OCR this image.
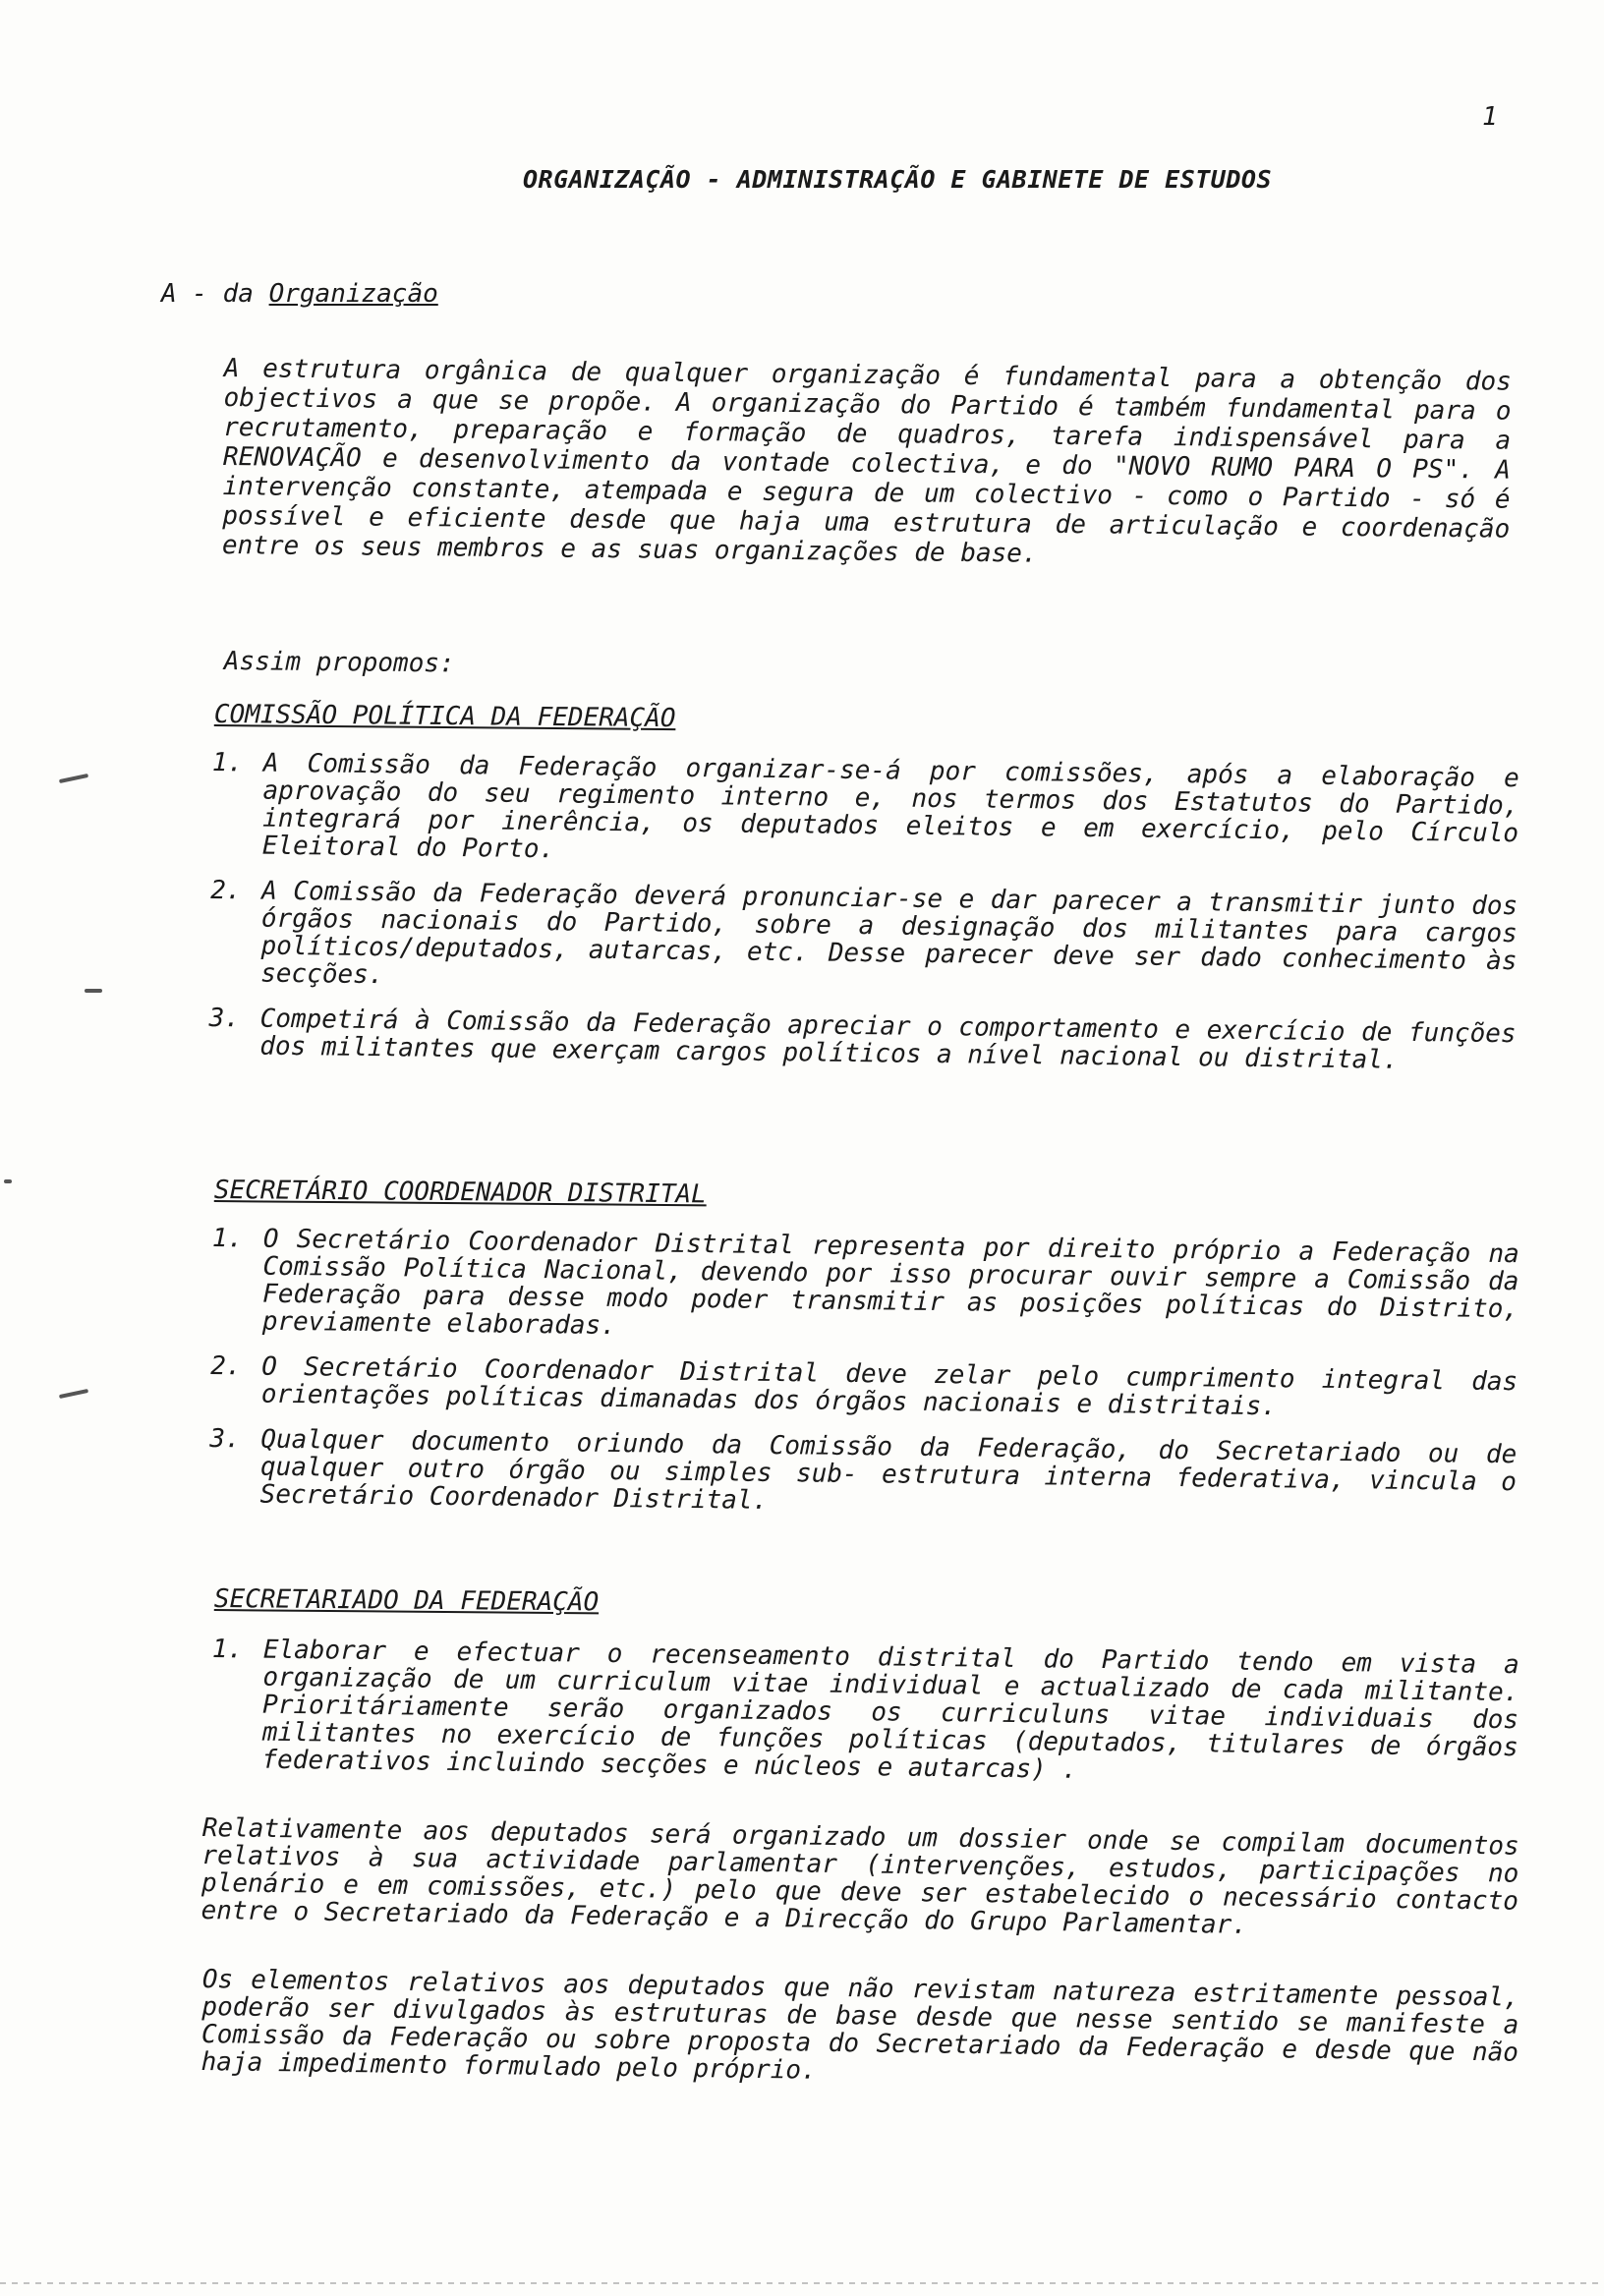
1
ORGANIZAÇÃO - ADMINISTRAÇÃO E GABINETE DE ESTUDOS
A - da Organização

A estrutura orgânica de qualquer organização é fundamental para a obtenção dos objectivos a que se propõe. A organização do Partido é também fundamental para o recrutamento, preparação e formação de quadros, tarefa indispensável para a RENOVAÇÃO e desenvolvimento da vontade colectiva, e do "NOVO RUMO PARA O PS". A intervenção constante, atempada e segura de um colectivo - como o Partido - só é possível e eficiente desde que haja uma estrutura de articulação e coordenação entre os seus membros e as suas organizações de base.

Assim propomos:

COMISSÃO POLÍTICA DA FEDERAÇÃO
1. A Comissão da Federação organizar-se-á por comissões, após a elaboração e aprovação do seu regimento interno e, nos termos dos Estatutos do Partido, integrará por inerência, os deputados eleitos e em exercício, pelo Círculo Eleitoral do Porto.
2. A Comissão da Federação deverá pronunciar-se e dar parecer a transmitir junto dos órgãos nacionais do Partido, sobre a designação dos militantes para cargos políticos/deputados, autarcas, etc. Desse parecer deve ser dado conhecimento às secções.
3. Competirá à Comissão da Federação apreciar o comportamento e exercício de funções dos militantes que exerçam cargos políticos a nível nacional ou distrital.
SECRETÁRIO COORDENADOR DISTRITAL
1. O Secretário Coordenador Distrital representa por direito próprio a Federação na Comissão Política Nacional, devendo por isso procurar ouvir sempre a Comissão da Federação para desse modo poder transmitir as posições políticas do Distrito, previamente elaboradas.
2. O Secretário Coordenador Distrital deve zelar pelo cumprimento integral das orientações políticas dimanadas dos órgãos nacionais e distritais.
3. Qualquer documento oriundo da Comissão da Federação, do Secretariado ou de qualquer outro órgão ou simples sub- estrutura interna federativa, vincula o Secretário Coordenador Distrital.
SECRETARIADO DA FEDERAÇÃO
1. Elaborar e efectuar o recenseamento distrital do Partido tendo em vista a organização de um curriculum vitae individual e actualizado de cada militante. Prioritáriamente serão organizados os curriculuns vitae individuais dos militantes no exercício de funções políticas (deputados, titulares de órgãos federativos incluindo secções e núcleos e autarcas) .
Relativamente aos deputados será organizado um dossier onde se compilam documentos relativos à sua actividade parlamentar (intervenções, estudos, participações no plenário e em comissões, etc.) pelo que deve ser estabelecido o necessário contacto entre o Secretariado da Federação e a Direcção do Grupo Parlamentar.
Os elementos relativos aos deputados que não revistam natureza estritamente pessoal, poderão ser divulgados às estruturas de base desde que nesse sentido se manifeste a Comissão da Federação ou sobre proposta do Secretariado da Federação e desde que não haja impedimento formulado pelo próprio.
